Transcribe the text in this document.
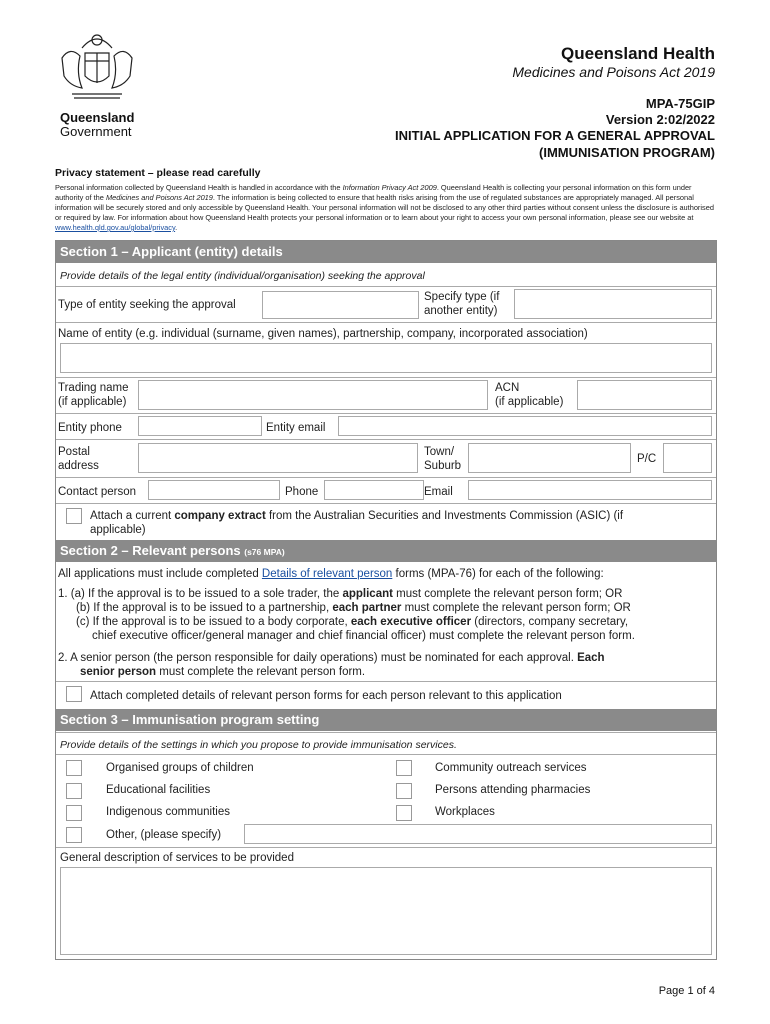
Queensland
Government
Queensland Health
Medicines and Poisons Act 2019
MPA-75GIP
Version 2:02/2022
INITIAL APPLICATION FOR A GENERAL APPROVAL
(IMMUNISATION PROGRAM)
Privacy statement – please read carefully
Personal information collected by Queensland Health is handled in accordance with the Information Privacy Act 2009. Queensland Health is collecting your personal information on this form under authority of the Medicines and Poisons Act 2019. The information is being collected to ensure that health risks arising from the use of regulated substances are appropriately managed. All personal information will be securely stored and only accessible by Queensland Health. Your personal information will not be disclosed to any other third parties without consent unless the disclosure is authorised or required by law. For information about how Queensland Health protects your personal information or to learn about your right to access your own personal information, please see our website at www.health.qld.gov.au/global/privacy.
Section 1 – Applicant (entity) details
Provide details of the legal entity (individual/organisation) seeking the approval
Type of entity seeking the approval
Specify type (if
another entity)
Name of entity (e.g. individual (surname, given names), partnership, company, incorporated association)
Trading name
(if applicable)
ACN
(if applicable)
Entity phone	Entity email
Postal
address
Town/
Suburb
P/C
Contact person	Phone	Email
Attach a current company extract from the Australian Securities and Investments Commission (ASIC) (if
applicable)
Section 2 – Relevant persons (s76 MPA)
All applications must include completed Details of relevant person forms (MPA-76) for each of the following:
1. (a) If the approval is to be issued to a sole trader, the applicant must complete the relevant person form; OR
(b) If the approval is to be issued to a partnership, each partner must complete the relevant person form; OR
(c) If the approval is to be issued to a body corporate, each executive officer (directors, company secretary,
chief executive officer/general manager and chief financial officer) must complete the relevant person form.
2. A senior person (the person responsible for daily operations) must be nominated for each approval. Each
senior person must complete the relevant person form.
Attach completed details of relevant person forms for each person relevant to this application
Section 3 – Immunisation program setting
Provide details of the settings in which you propose to provide immunisation services.
Organised groups of children
Educational facilities
Indigenous communities
Other, (please specify)
Community outreach services
Persons attending pharmacies
Workplaces
General description of services to be provided
Page 1 of 4
